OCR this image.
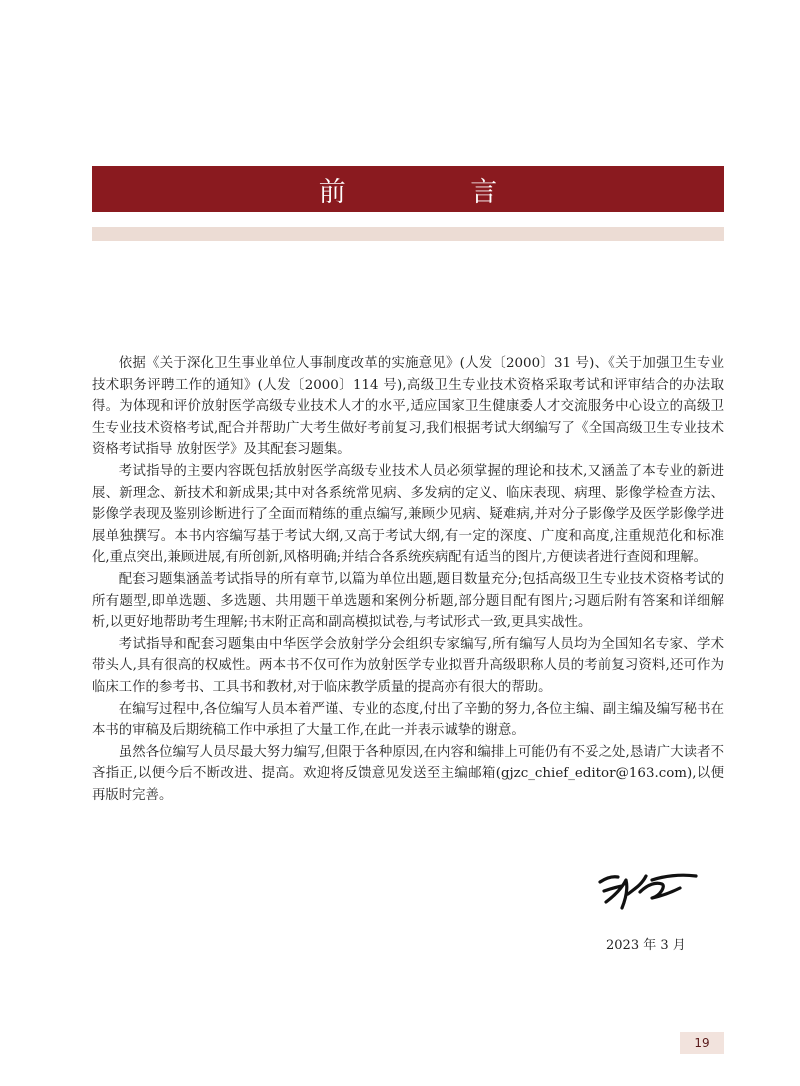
前 言

依据《关于深化卫生事业单位人事制度改革的实施意见》(人发〔2000〕31 号)、《关于加强卫生专业技术职务评聘工作的通知》(人发〔2000〕114 号),高级卫生专业技术资格采取考试和评审结合的办法取得。为体现和评价放射医学高级专业技术人才的水平,适应国家卫生健康委人才交流服务中心设立的高级卫生专业技术资格考试,配合并帮助广大考生做好考前复习,我们根据考试大纲编写了《全国高级卫生专业技术资格考试指导 放射医学》及其配套习题集。

考试指导的主要内容既包括放射医学高级专业技术人员必须掌握的理论和技术,又涵盖了本专业的新进展、新理念、新技术和新成果;其中对各系统常见病、多发病的定义、临床表现、病理、影像学检查方法、影像学表现及鉴别诊断进行了全面而精练的重点编写,兼顾少见病、疑难病,并对分子影像学及医学影像学进展单独撰写。本书内容编写基于考试大纲,又高于考试大纲,有一定的深度、广度和高度,注重规范化和标准化,重点突出,兼顾进展,有所创新,风格明确;并结合各系统疾病配有适当的图片,方便读者进行查阅和理解。

配套习题集涵盖考试指导的所有章节,以篇为单位出题,题目数量充分;包括高级卫生专业技术资格考试的所有题型,即单选题、多选题、共用题干单选题和案例分析题,部分题目配有图片;习题后附有答案和详细解析,以更好地帮助考生理解;书末附正高和副高模拟试卷,与考试形式一致,更具实战性。

考试指导和配套习题集由中华医学会放射学分会组织专家编写,所有编写人员均为全国知名专家、学术带头人,具有很高的权威性。两本书不仅可作为放射医学专业拟晋升高级职称人员的考前复习资料,还可作为临床工作的参考书、工具书和教材,对于临床教学质量的提高亦有很大的帮助。

在编写过程中,各位编写人员本着严谨、专业的态度,付出了辛勤的努力,各位主编、副主编及编写秘书在本书的审稿及后期统稿工作中承担了大量工作,在此一并表示诚挚的谢意。

虽然各位编写人员尽最大努力编写,但限于各种原因,在内容和编排上可能仍有不妥之处,恳请广大读者不吝指正,以便今后不断改进、提高。欢迎将反馈意见发送至主编邮箱(gjzc_chief_editor@163.com),以便再版时完善。

2023 年 3 月
19
